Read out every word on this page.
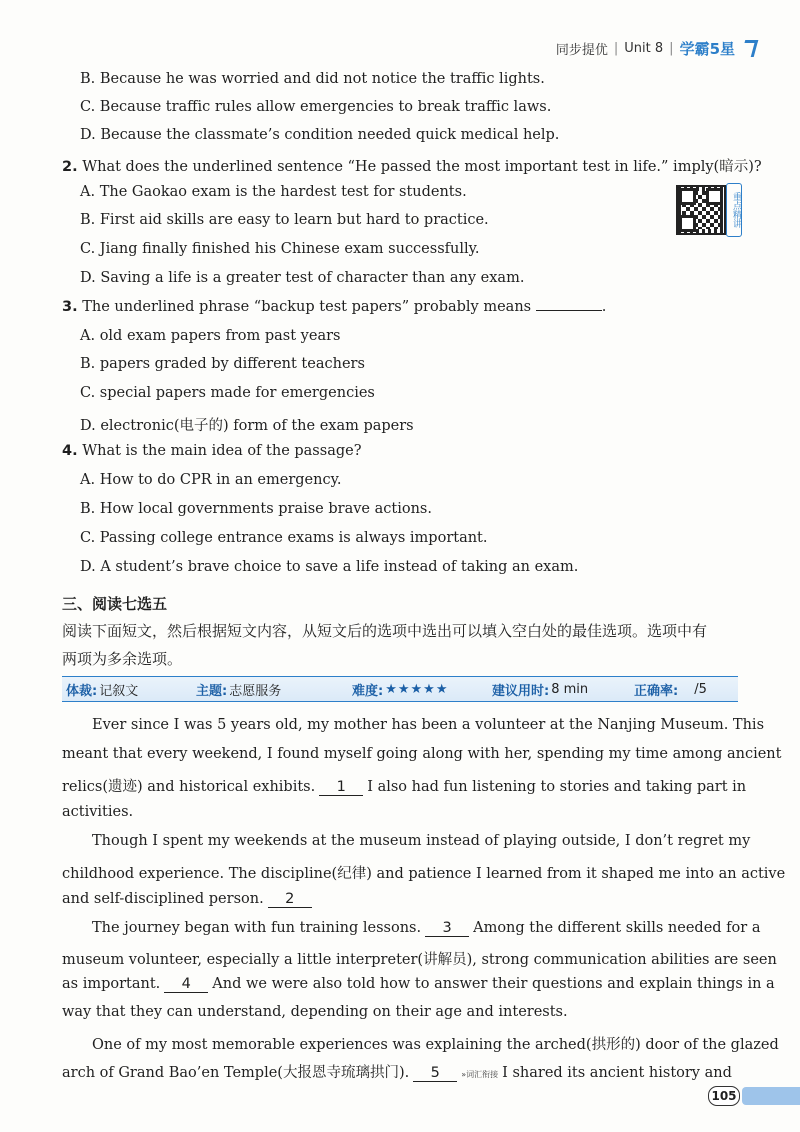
同步提优 | Unit 8 | 学霸5星
B. Because he was worried and did not notice the traffic lights.
C. Because traffic rules allow emergencies to break traffic laws.
D. Because the classmate’s condition needed quick medical help.
2. What does the underlined sentence “He passed the most important test in life.” imply(暗示)?
A. The Gaokao exam is the hardest test for students.
B. First aid skills are easy to learn but hard to practice.
C. Jiang finally finished his Chinese exam successfully.
D. Saving a life is a greater test of character than any exam.
重点精讲
3. The underlined phrase “backup test papers” probably means	.
A. old exam papers from past years
B. papers graded by different teachers
C. special papers made for emergencies
D. electronic(电子的) form of the exam papers
4. What is the main idea of the passage?
A. How to do CPR in an emergency.
B. How local governments praise brave actions.
C. Passing college entrance exams is always important.
D. A student’s brave choice to save a life instead of taking an exam.
三、阅读七选五
阅读下面短文，然后根据短文内容，从短文后的选项中选出可以填入空白处的最佳选项。选项中有
两项为多余选项。
体裁: 记叙文	主题: 志愿服务	难度: ★★★★★	建议用时: 8 min	正确率: /5
Ever since I was 5 years old, my mother has been a volunteer at the Nanjing Museum. This
meant that every weekend, I found myself going along with her, spending my time among ancient
relics(遗迹) and historical exhibits. 1 I also had fun listening to stories and taking part in
activities.
Though I spent my weekends at the museum instead of playing outside, I don’t regret my
childhood experience. The discipline(纪律) and patience I learned from it shaped me into an active
and self-disciplined person. 2
The journey began with fun training lessons. 3 Among the different skills needed for a
museum volunteer, especially a little interpreter(讲解员), strong communication abilities are seen
as important. 4 And we were also told how to answer their questions and explain things in a
way that they can understand, depending on their age and interests.
One of my most memorable experiences was explaining the arched(拱形的) door of the glazed
arch of Grand Bao’en Temple(大报恩寺琉璃拱门). 5	»词汇衔接 I shared its ancient history and
105
